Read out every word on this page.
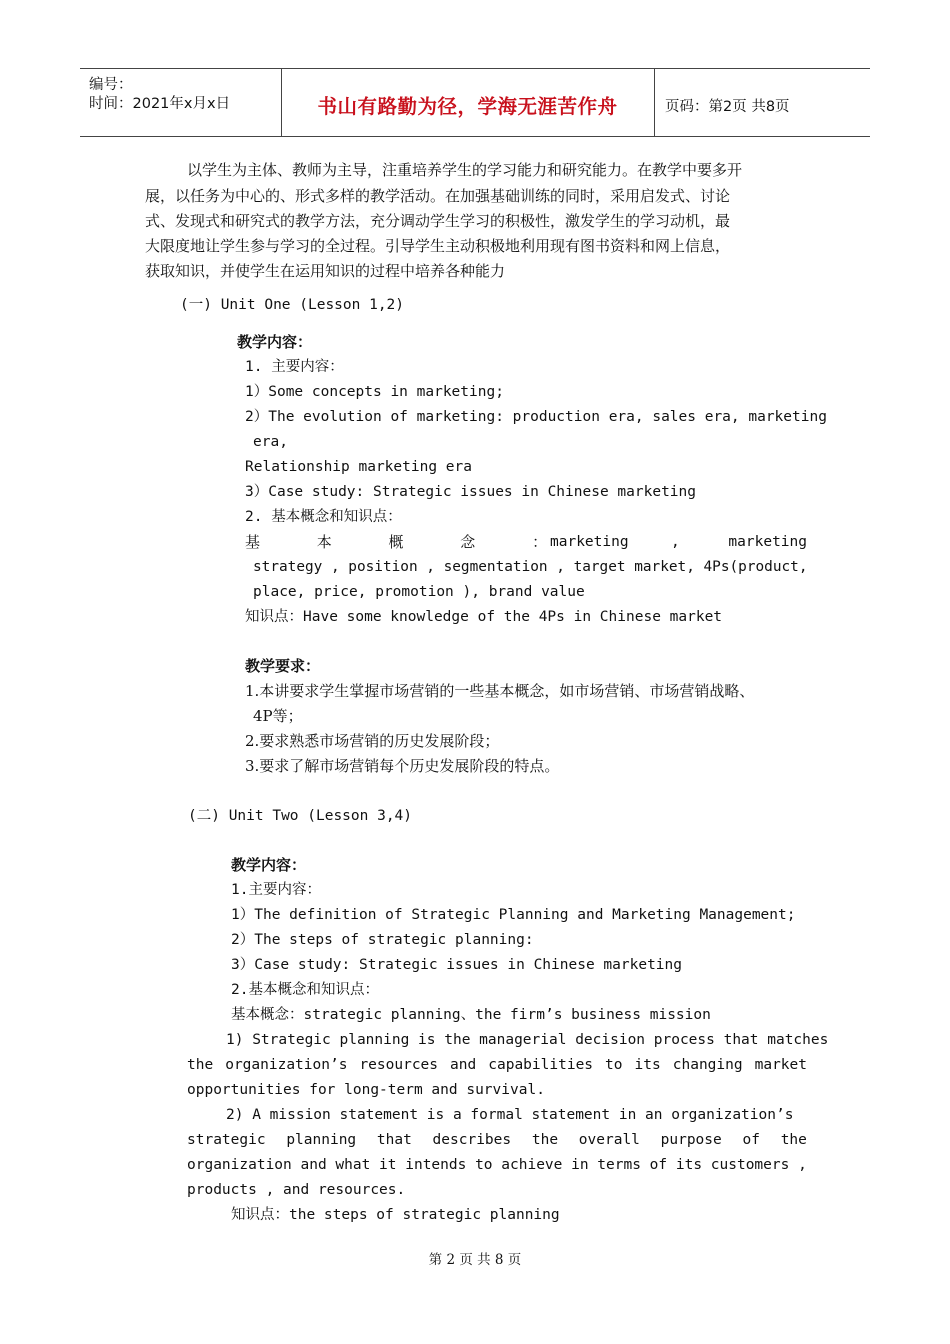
编号：
时间：2021年x月x日	书山有路勤为径，学海无涯苦作舟	页码：第2页 共8页
以学生为主体、教师为主导，注重培养学生的学习能力和研究能力。在教学中要多开
展，以任务为中心的、形式多样的教学活动。在加强基础训练的同时，采用启发式、讨论
式、发现式和研究式的教学方法，充分调动学生学习的积极性，激发学生的学习动机，最
大限度地让学生参与学习的全过程。引导学生主动积极地利用现有图书资料和网上信息，
获取知识，并使学生在运用知识的过程中培养各种能力
(一) Unit One (Lesson 1,2)
教学内容：
1. 主要内容：
1）Some concepts in marketing;
2）The evolution of marketing: production era, sales era, marketing
era,
Relationship marketing era
3）Case study: Strategic issues in Chinese marketing
2. 基本概念和知识点：
基 本 概 念 ：
marketing	,	marketing
strategy , position , segmentation , target market, 4Ps(product,
place, price, promotion ), brand value
知识点：Have some knowledge of the 4Ps in Chinese market
教学要求：
1.本讲要求学生掌握市场营销的一些基本概念，如市场营销、市场营销战略、
4P等；
2.要求熟悉市场营销的历史发展阶段；
3.要求了解市场营销每个历史发展阶段的特点。
(二) Unit Two (Lesson 3,4)
教学内容：
1.主要内容：
1）The definition of Strategic Planning and Marketing Management;
2）The steps of strategic planning:
3）Case study: Strategic issues in Chinese marketing
2.基本概念和知识点：
基本概念：strategic planning、the firm’s business mission
1) Strategic planning is the managerial decision process that matches
the organization’s resources and capabilities to its changing market
opportunities for long-term and survival.
2) A mission statement is a formal statement in an organization’s
strategic planning that describes the overall purpose of the
organization and what it intends to achieve in terms of its customers ,
products , and resources.
知识点：the steps of strategic planning
第 2 页 共 8 页
